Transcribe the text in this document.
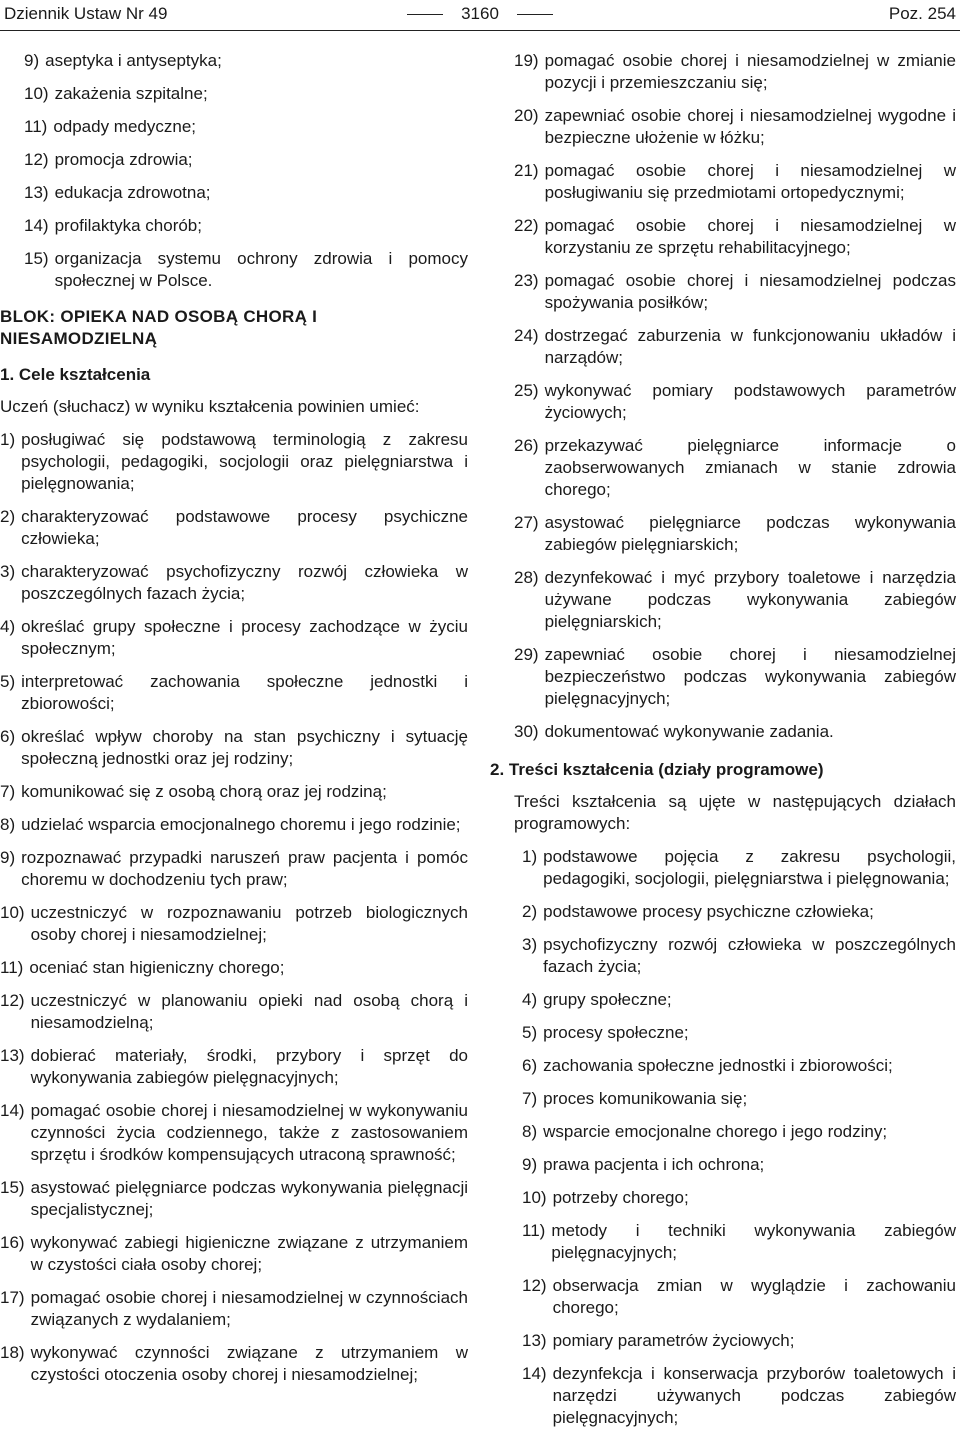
Dziennik Ustaw Nr 49	3160	Poz. 254
9) aseptyka i antyseptyka;
10) zakażenia szpitalne;
11) odpady medyczne;
12) promocja zdrowia;
13) edukacja zdrowotna;
14) profilaktyka chorób;
15) organizacja systemu ochrony zdrowia i pomocy społecznej w Polsce.
BLOK: OPIEKA NAD OSOBĄ CHORĄ I NIESAMODZIELNĄ
1. Cele kształcenia
Uczeń (słuchacz) w wyniku kształcenia powinien umieć:
1) posługiwać się podstawową terminologią z zakresu psychologii, pedagogiki, socjologii oraz pielęgniarstwa i pielęgnowania;
2) charakteryzować podstawowe procesy psychiczne człowieka;
3) charakteryzować psychofizyczny rozwój człowieka w poszczególnych fazach życia;
4) określać grupy społeczne i procesy zachodzące w życiu społecznym;
5) interpretować zachowania społeczne jednostki i zbiorowości;
6) określać wpływ choroby na stan psychiczny i sytuację społeczną jednostki oraz jej rodziny;
7) komunikować się z osobą chorą oraz jej rodziną;
8) udzielać wsparcia emocjonalnego choremu i jego rodzinie;
9) rozpoznawać przypadki naruszeń praw pacjenta i pomóc choremu w dochodzeniu tych praw;
10) uczestniczyć w rozpoznawaniu potrzeb biologicznych osoby chorej i niesamodzielnej;
11) oceniać stan higieniczny chorego;
12) uczestniczyć w planowaniu opieki nad osobą chorą i niesamodzielną;
13) dobierać materiały, środki, przybory i sprzęt do wykonywania zabiegów pielęgnacyjnych;
14) pomagać osobie chorej i niesamodzielnej w wykonywaniu czynności życia codziennego, także z zastosowaniem sprzętu i środków kompensujących utraconą sprawność;
15) asystować pielęgniarce podczas wykonywania pielęgnacji specjalistycznej;
16) wykonywać zabiegi higieniczne związane z utrzymaniem w czystości ciała osoby chorej;
17) pomagać osobie chorej i niesamodzielnej w czynnościach związanych z wydalaniem;
18) wykonywać czynności związane z utrzymaniem w czystości otoczenia osoby chorej i niesamodzielnej;
19) pomagać osobie chorej i niesamodzielnej w zmianie pozycji i przemieszczaniu się;
20) zapewniać osobie chorej i niesamodzielnej wygodne i bezpieczne ułożenie w łóżku;
21) pomagać osobie chorej i niesamodzielnej w posługiwaniu się przedmiotami ortopedycznymi;
22) pomagać osobie chorej i niesamodzielnej w korzystaniu ze sprzętu rehabilitacyjnego;
23) pomagać osobie chorej i niesamodzielnej podczas spożywania posiłków;
24) dostrzegać zaburzenia w funkcjonowaniu układów i narządów;
25) wykonywać pomiary podstawowych parametrów życiowych;
26) przekazywać pielęgniarce informacje o zaobserwowanych zmianach w stanie zdrowia chorego;
27) asystować pielęgniarce podczas wykonywania zabiegów pielęgniarskich;
28) dezynfekować i myć przybory toaletowe i narzędzia używane podczas wykonywania zabiegów pielęgniarskich;
29) zapewniać osobie chorej i niesamodzielnej bezpieczeństwo podczas wykonywania zabiegów pielęgnacyjnych;
30) dokumentować wykonywanie zadania.
2. Treści kształcenia (działy programowe)
Treści kształcenia są ujęte w następujących działach programowych:
1) podstawowe pojęcia z zakresu psychologii, pedagogiki, socjologii, pielęgniarstwa i pielęgnowania;
2) podstawowe procesy psychiczne człowieka;
3) psychofizyczny rozwój człowieka w poszczególnych fazach życia;
4) grupy społeczne;
5) procesy społeczne;
6) zachowania społeczne jednostki i zbiorowości;
7) proces komunikowania się;
8) wsparcie emocjonalne chorego i jego rodziny;
9) prawa pacjenta i ich ochrona;
10) potrzeby chorego;
11) metody i techniki wykonywania zabiegów pielęgnacyjnych;
12) obserwacja zmian w wyglądzie i zachowaniu chorego;
13) pomiary parametrów życiowych;
14) dezynfekcja i konserwacja przyborów toaletowych i narzędzi używanych podczas zabiegów pielęgnacyjnych;
